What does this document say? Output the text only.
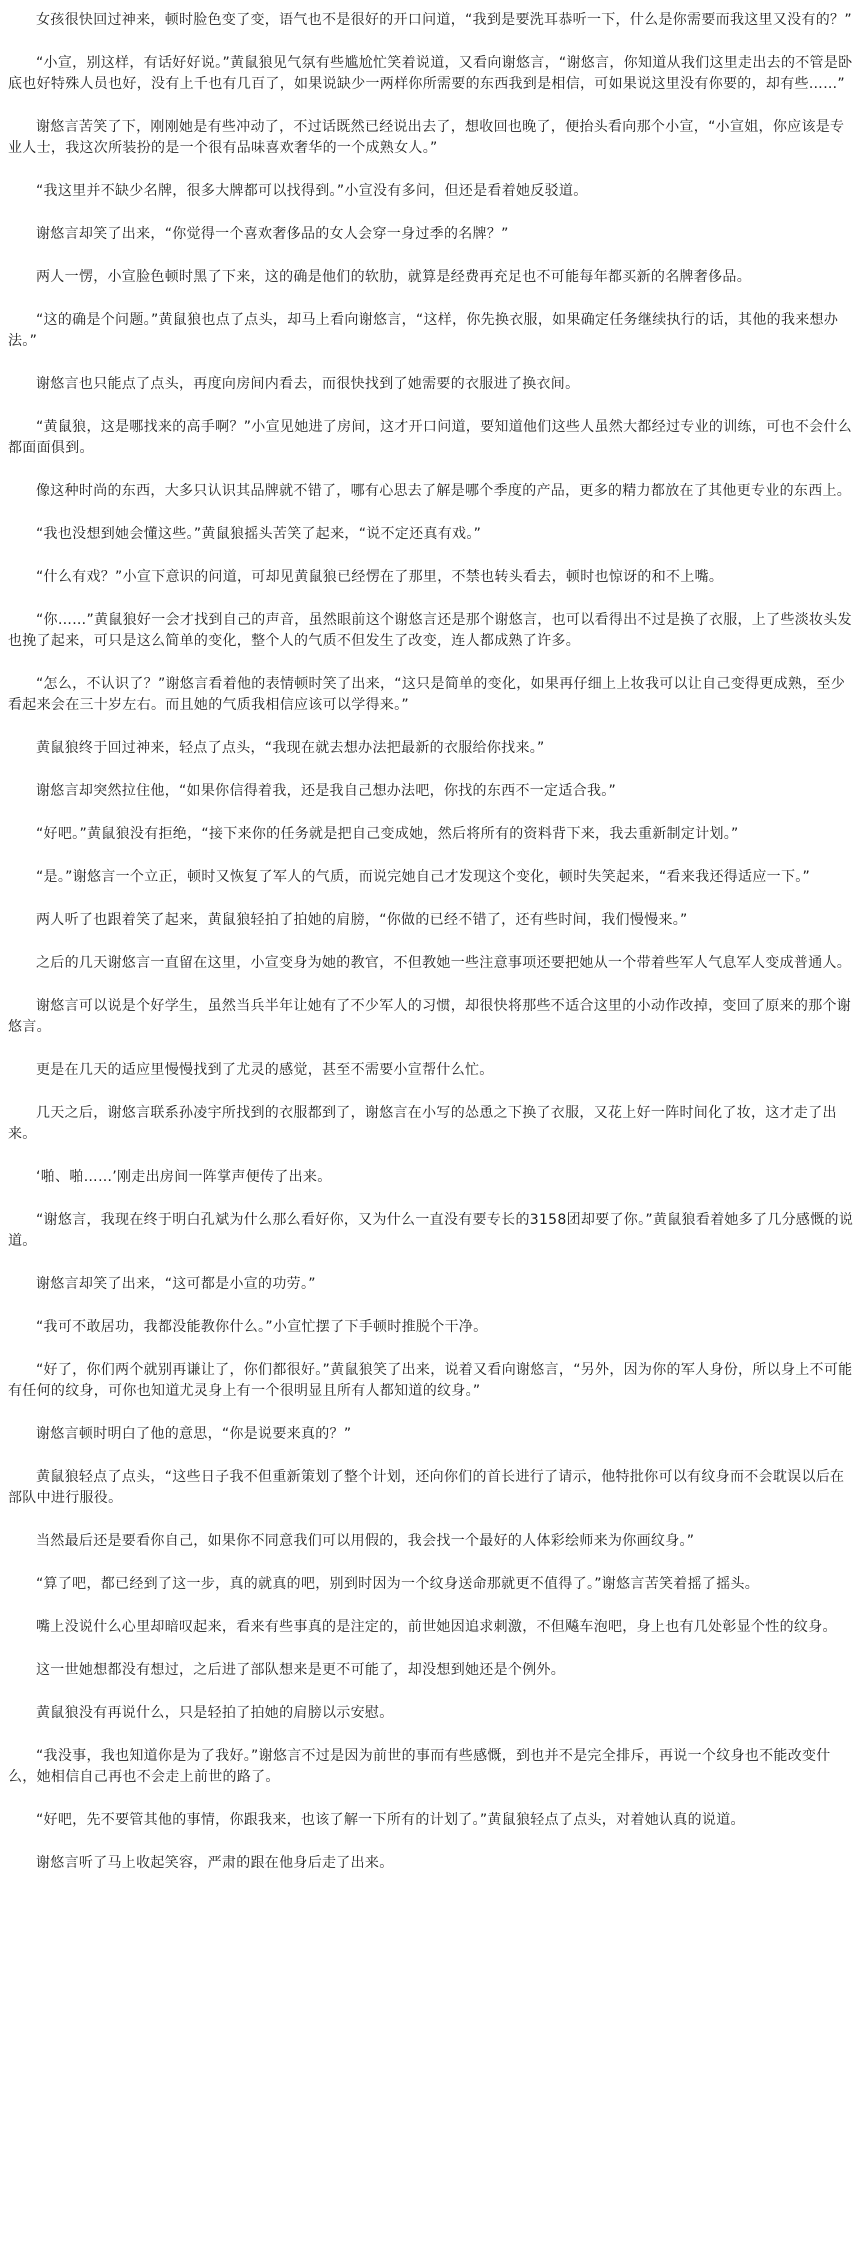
女孩很快回过神来，顿时脸色变了变，语气也不是很好的开口问道，“我到是要洗耳恭听一下，什么是你需要而我这里又没有的？”

“小宣，别这样，有话好好说。”黄鼠狼见气氛有些尴尬忙笑着说道，又看向谢悠言，“谢悠言，你知道从我们这里走出去的不管是卧底也好特殊人员也好，没有上千也有几百了，如果说缺少一两样你所需要的东西我到是相信，可如果说这里没有你要的，却有些……”

谢悠言苦笑了下，刚刚她是有些冲动了，不过话既然已经说出去了，想收回也晚了，便抬头看向那个小宣，“小宣姐，你应该是专业人士，我这次所装扮的是一个很有品味喜欢奢华的一个成熟女人。”

“我这里并不缺少名牌，很多大牌都可以找得到。”小宣没有多问，但还是看着她反驳道。

谢悠言却笑了出来，“你觉得一个喜欢奢侈品的女人会穿一身过季的名牌？”

两人一愣，小宣脸色顿时黑了下来，这的确是他们的软肋，就算是经费再充足也不可能每年都买新的名牌奢侈品。

“这的确是个问题。”黄鼠狼也点了点头，却马上看向谢悠言，“这样，你先换衣服，如果确定任务继续执行的话，其他的我来想办法。”

谢悠言也只能点了点头，再度向房间内看去，而很快找到了她需要的衣服进了换衣间。

“黄鼠狼，这是哪找来的高手啊？”小宣见她进了房间，这才开口问道，要知道他们这些人虽然大都经过专业的训练，可也不会什么都面面俱到。

像这种时尚的东西，大多只认识其品牌就不错了，哪有心思去了解是哪个季度的产品，更多的精力都放在了其他更专业的东西上。

“我也没想到她会懂这些。”黄鼠狼摇头苦笑了起来，“说不定还真有戏。”

“什么有戏？”小宣下意识的问道，可却见黄鼠狼已经愣在了那里，不禁也转头看去，顿时也惊讶的和不上嘴。

“你……”黄鼠狼好一会才找到自己的声音，虽然眼前这个谢悠言还是那个谢悠言，也可以看得出不过是换了衣服，上了些淡妆头发也挽了起来，可只是这么简单的变化，整个人的气质不但发生了改变，连人都成熟了许多。

“怎么，不认识了？”谢悠言看着他的表情顿时笑了出来，“这只是简单的变化，如果再仔细上上妆我可以让自己变得更成熟，至少看起来会在三十岁左右。而且她的气质我相信应该可以学得来。”

黄鼠狼终于回过神来，轻点了点头，“我现在就去想办法把最新的衣服给你找来。”

谢悠言却突然拉住他，“如果你信得着我，还是我自己想办法吧，你找的东西不一定适合我。”

“好吧。”黄鼠狼没有拒绝，“接下来你的任务就是把自己变成她，然后将所有的资料背下来，我去重新制定计划。”

“是。”谢悠言一个立正，顿时又恢复了军人的气质，而说完她自己才发现这个变化，顿时失笑起来，“看来我还得适应一下。”

两人听了也跟着笑了起来，黄鼠狼轻拍了拍她的肩膀，“你做的已经不错了，还有些时间，我们慢慢来。”

之后的几天谢悠言一直留在这里，小宣变身为她的教官，不但教她一些注意事项还要把她从一个带着些军人气息军人变成普通人。

谢悠言可以说是个好学生，虽然当兵半年让她有了不少军人的习惯，却很快将那些不适合这里的小动作改掉，变回了原来的那个谢悠言。

更是在几天的适应里慢慢找到了尤灵的感觉，甚至不需要小宣帮什么忙。

几天之后，谢悠言联系孙凌宇所找到的衣服都到了，谢悠言在小写的怂恿之下换了衣服，又花上好一阵时间化了妆，这才走了出来。

‘啪、啪……’刚走出房间一阵掌声便传了出来。

“谢悠言，我现在终于明白孔斌为什么那么看好你，又为什么一直没有要专长的3158团却要了你。”黄鼠狼看着她多了几分感慨的说道。

谢悠言却笑了出来，“这可都是小宣的功劳。”

“我可不敢居功，我都没能教你什么。”小宣忙摆了下手顿时推脱个干净。

“好了，你们两个就别再谦让了，你们都很好。”黄鼠狼笑了出来，说着又看向谢悠言，“另外，因为你的军人身份，所以身上不可能有任何的纹身，可你也知道尤灵身上有一个很明显且所有人都知道的纹身。”

谢悠言顿时明白了他的意思，“你是说要来真的？”

黄鼠狼轻点了点头，“这些日子我不但重新策划了整个计划，还向你们的首长进行了请示，他特批你可以有纹身而不会耽误以后在部队中进行服役。

当然最后还是要看你自己，如果你不同意我们可以用假的，我会找一个最好的人体彩绘师来为你画纹身。”

“算了吧，都已经到了这一步，真的就真的吧，别到时因为一个纹身送命那就更不值得了。”谢悠言苦笑着摇了摇头。

嘴上没说什么心里却暗叹起来，看来有些事真的是注定的，前世她因追求刺激，不但飚车泡吧，身上也有几处彰显个性的纹身。

这一世她想都没有想过，之后进了部队想来是更不可能了，却没想到她还是个例外。

黄鼠狼没有再说什么，只是轻拍了拍她的肩膀以示安慰。

“我没事，我也知道你是为了我好。”谢悠言不过是因为前世的事而有些感慨，到也并不是完全排斥，再说一个纹身也不能改变什么，她相信自己再也不会走上前世的路了。

“好吧，先不要管其他的事情，你跟我来，也该了解一下所有的计划了。”黄鼠狼轻点了点头，对着她认真的说道。

谢悠言听了马上收起笑容，严肃的跟在他身后走了出来。
